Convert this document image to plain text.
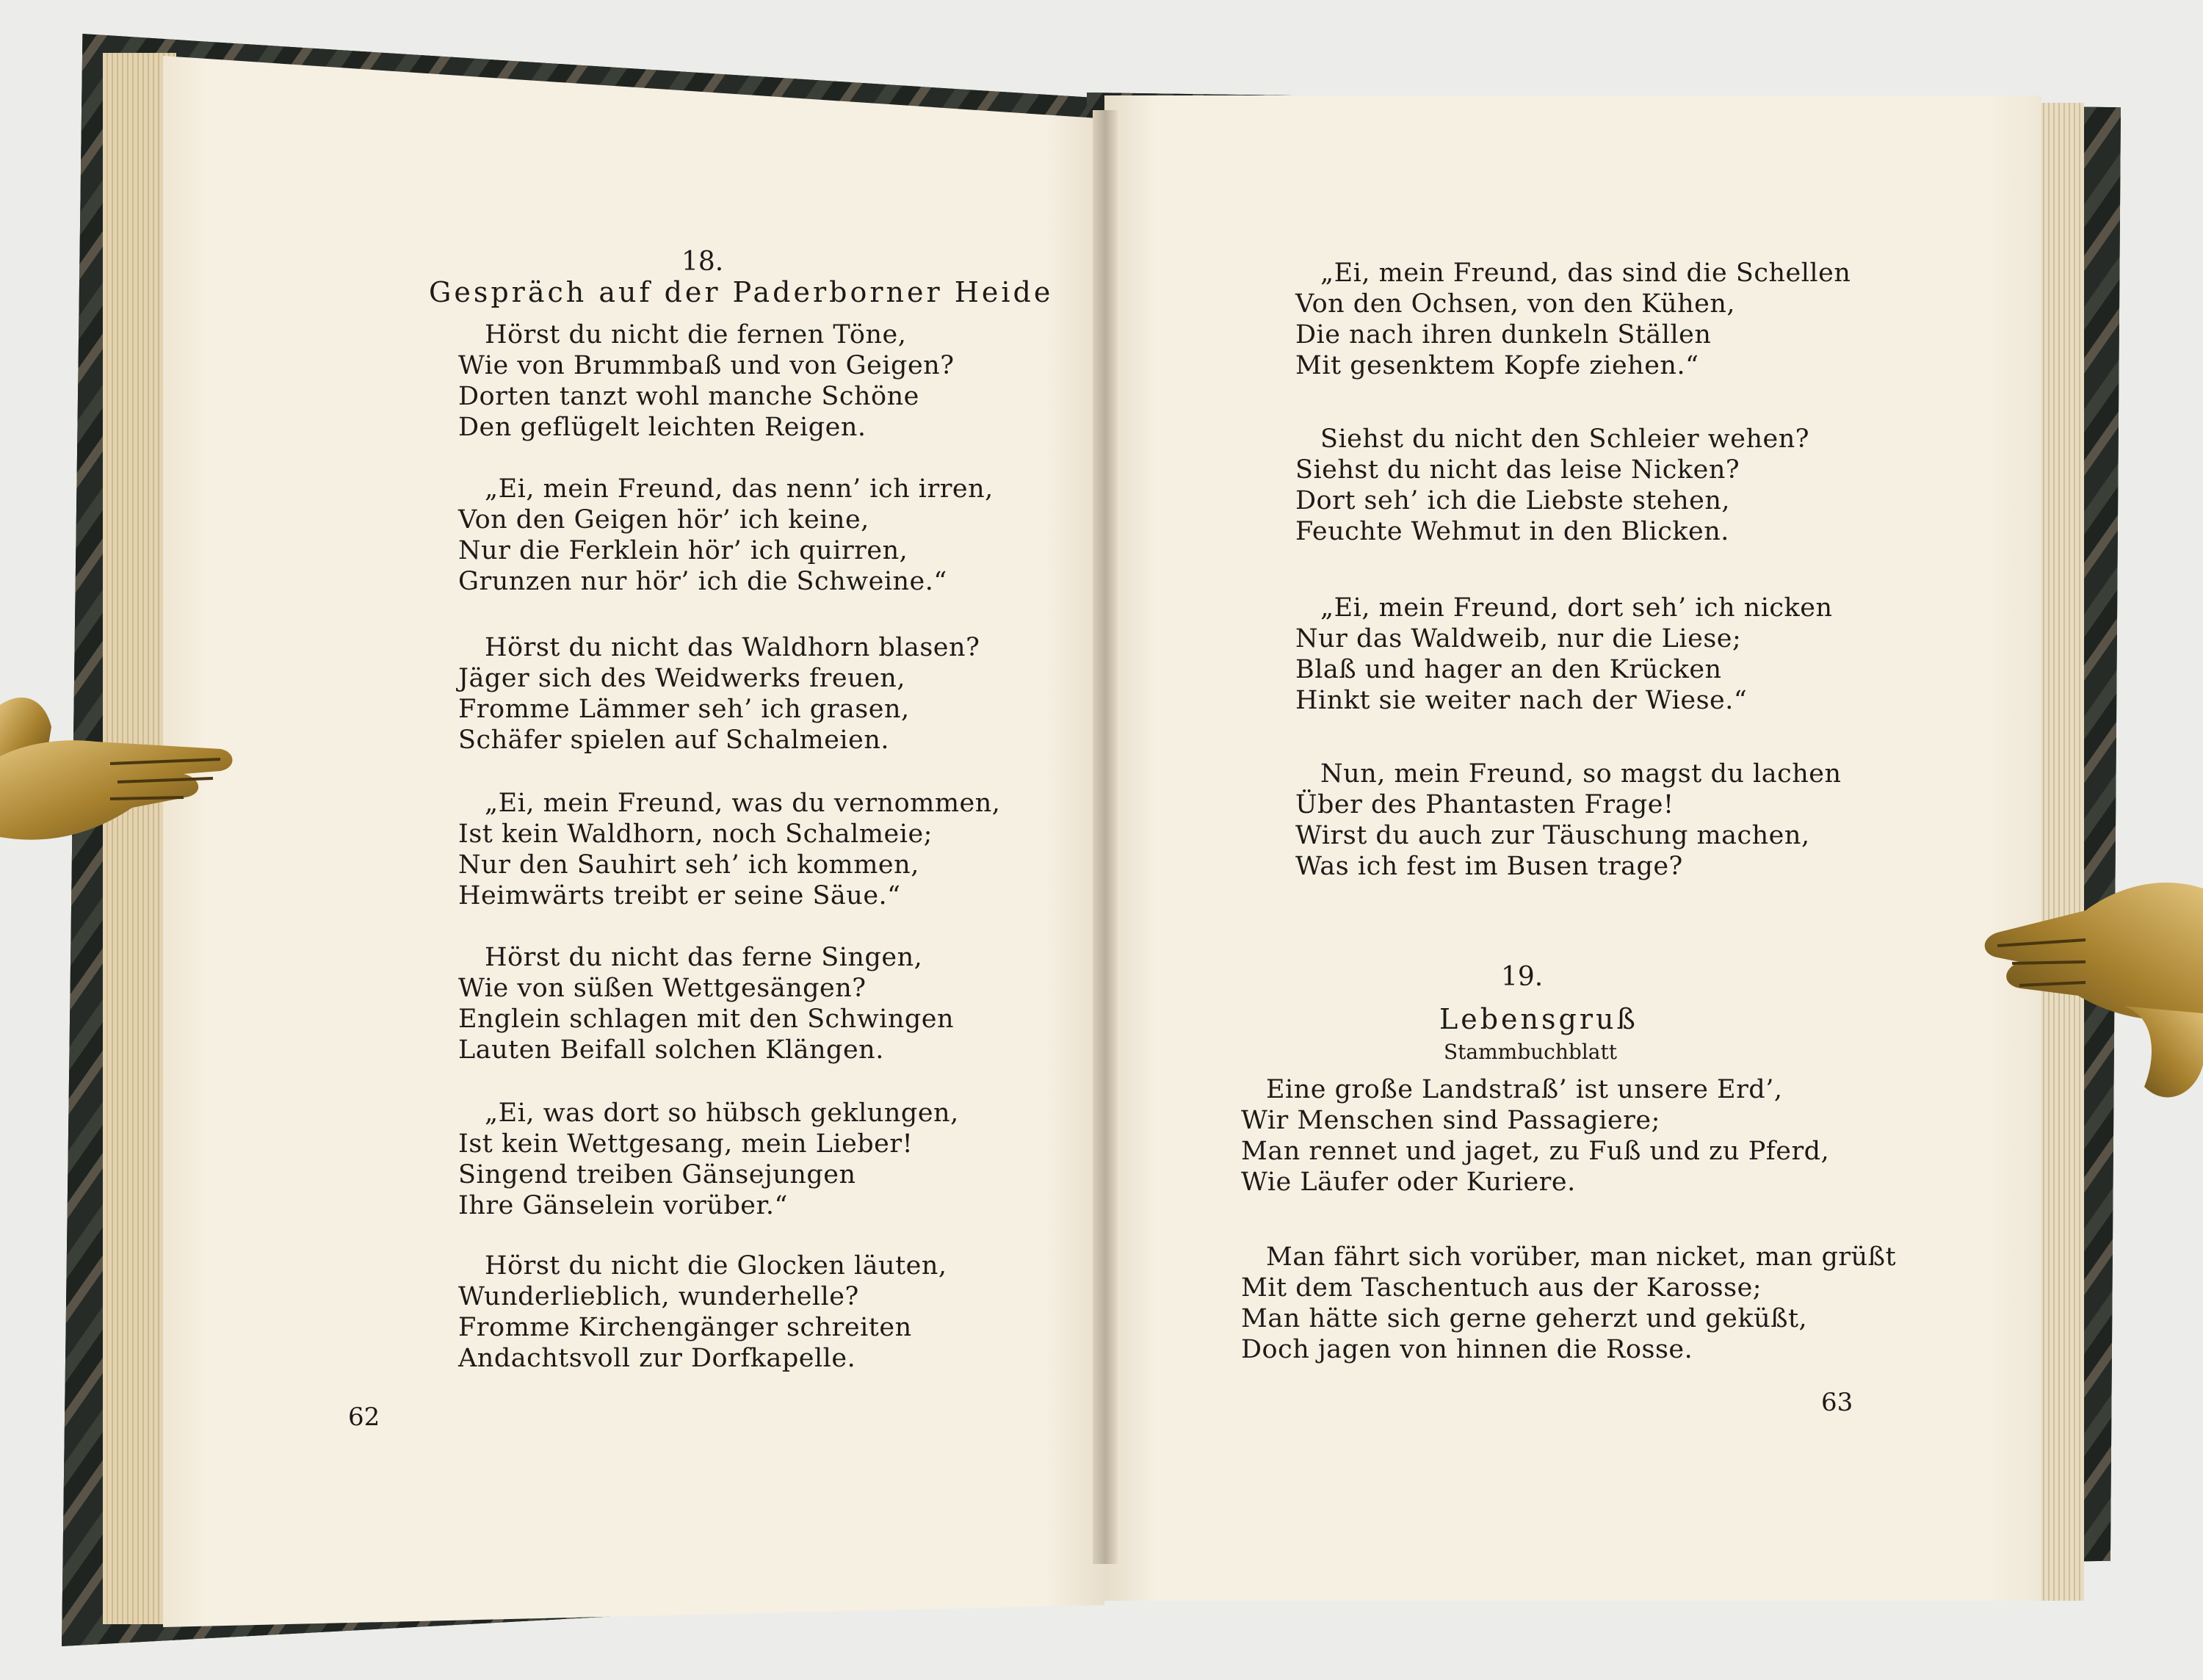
18.
Gespräch auf der Paderborner Heide
Hörst du nicht die fernen Töne,
Wie von Brummbaß und von Geigen?
Dorten tanzt wohl manche Schöne
Den geflügelt leichten Reigen.
„Ei, mein Freund, das nenn’ ich irren,
Von den Geigen hör’ ich keine,
Nur die Ferklein hör’ ich quirren,
Grunzen nur hör’ ich die Schweine.“
Hörst du nicht das Waldhorn blasen?
Jäger sich des Weidwerks freuen,
Fromme Lämmer seh’ ich grasen,
Schäfer spielen auf Schalmeien.
„Ei, mein Freund, was du vernommen,
Ist kein Waldhorn, noch Schalmeie;
Nur den Sauhirt seh’ ich kommen,
Heimwärts treibt er seine Säue.“
Hörst du nicht das ferne Singen,
Wie von süßen Wettgesängen?
Englein schlagen mit den Schwingen
Lauten Beifall solchen Klängen.
„Ei, was dort so hübsch geklungen,
Ist kein Wettgesang, mein Lieber!
Singend treiben Gänsejungen
Ihre Gänselein vorüber.“
Hörst du nicht die Glocken läuten,
Wunderlieblich, wunderhelle?
Fromme Kirchengänger schreiten
Andachtsvoll zur Dorfkapelle.
62
„Ei, mein Freund, das sind die Schellen
Von den Ochsen, von den Kühen,
Die nach ihren dunkeln Ställen
Mit gesenktem Kopfe ziehen.“
Siehst du nicht den Schleier wehen?
Siehst du nicht das leise Nicken?
Dort seh’ ich die Liebste stehen,
Feuchte Wehmut in den Blicken.
„Ei, mein Freund, dort seh’ ich nicken
Nur das Waldweib, nur die Liese;
Blaß und hager an den Krücken
Hinkt sie weiter nach der Wiese.“
Nun, mein Freund, so magst du lachen
Über des Phantasten Frage!
Wirst du auch zur Täuschung machen,
Was ich fest im Busen trage?
19.
Lebensgruß
Stammbuchblatt
Eine große Landstraß’ ist unsere Erd’,
Wir Menschen sind Passagiere;
Man rennet und jaget, zu Fuß und zu Pferd,
Wie Läufer oder Kuriere.
Man fährt sich vorüber, man nicket, man grüßt
Mit dem Taschentuch aus der Karosse;
Man hätte sich gerne geherzt und geküßt,
Doch jagen von hinnen die Rosse.
63
